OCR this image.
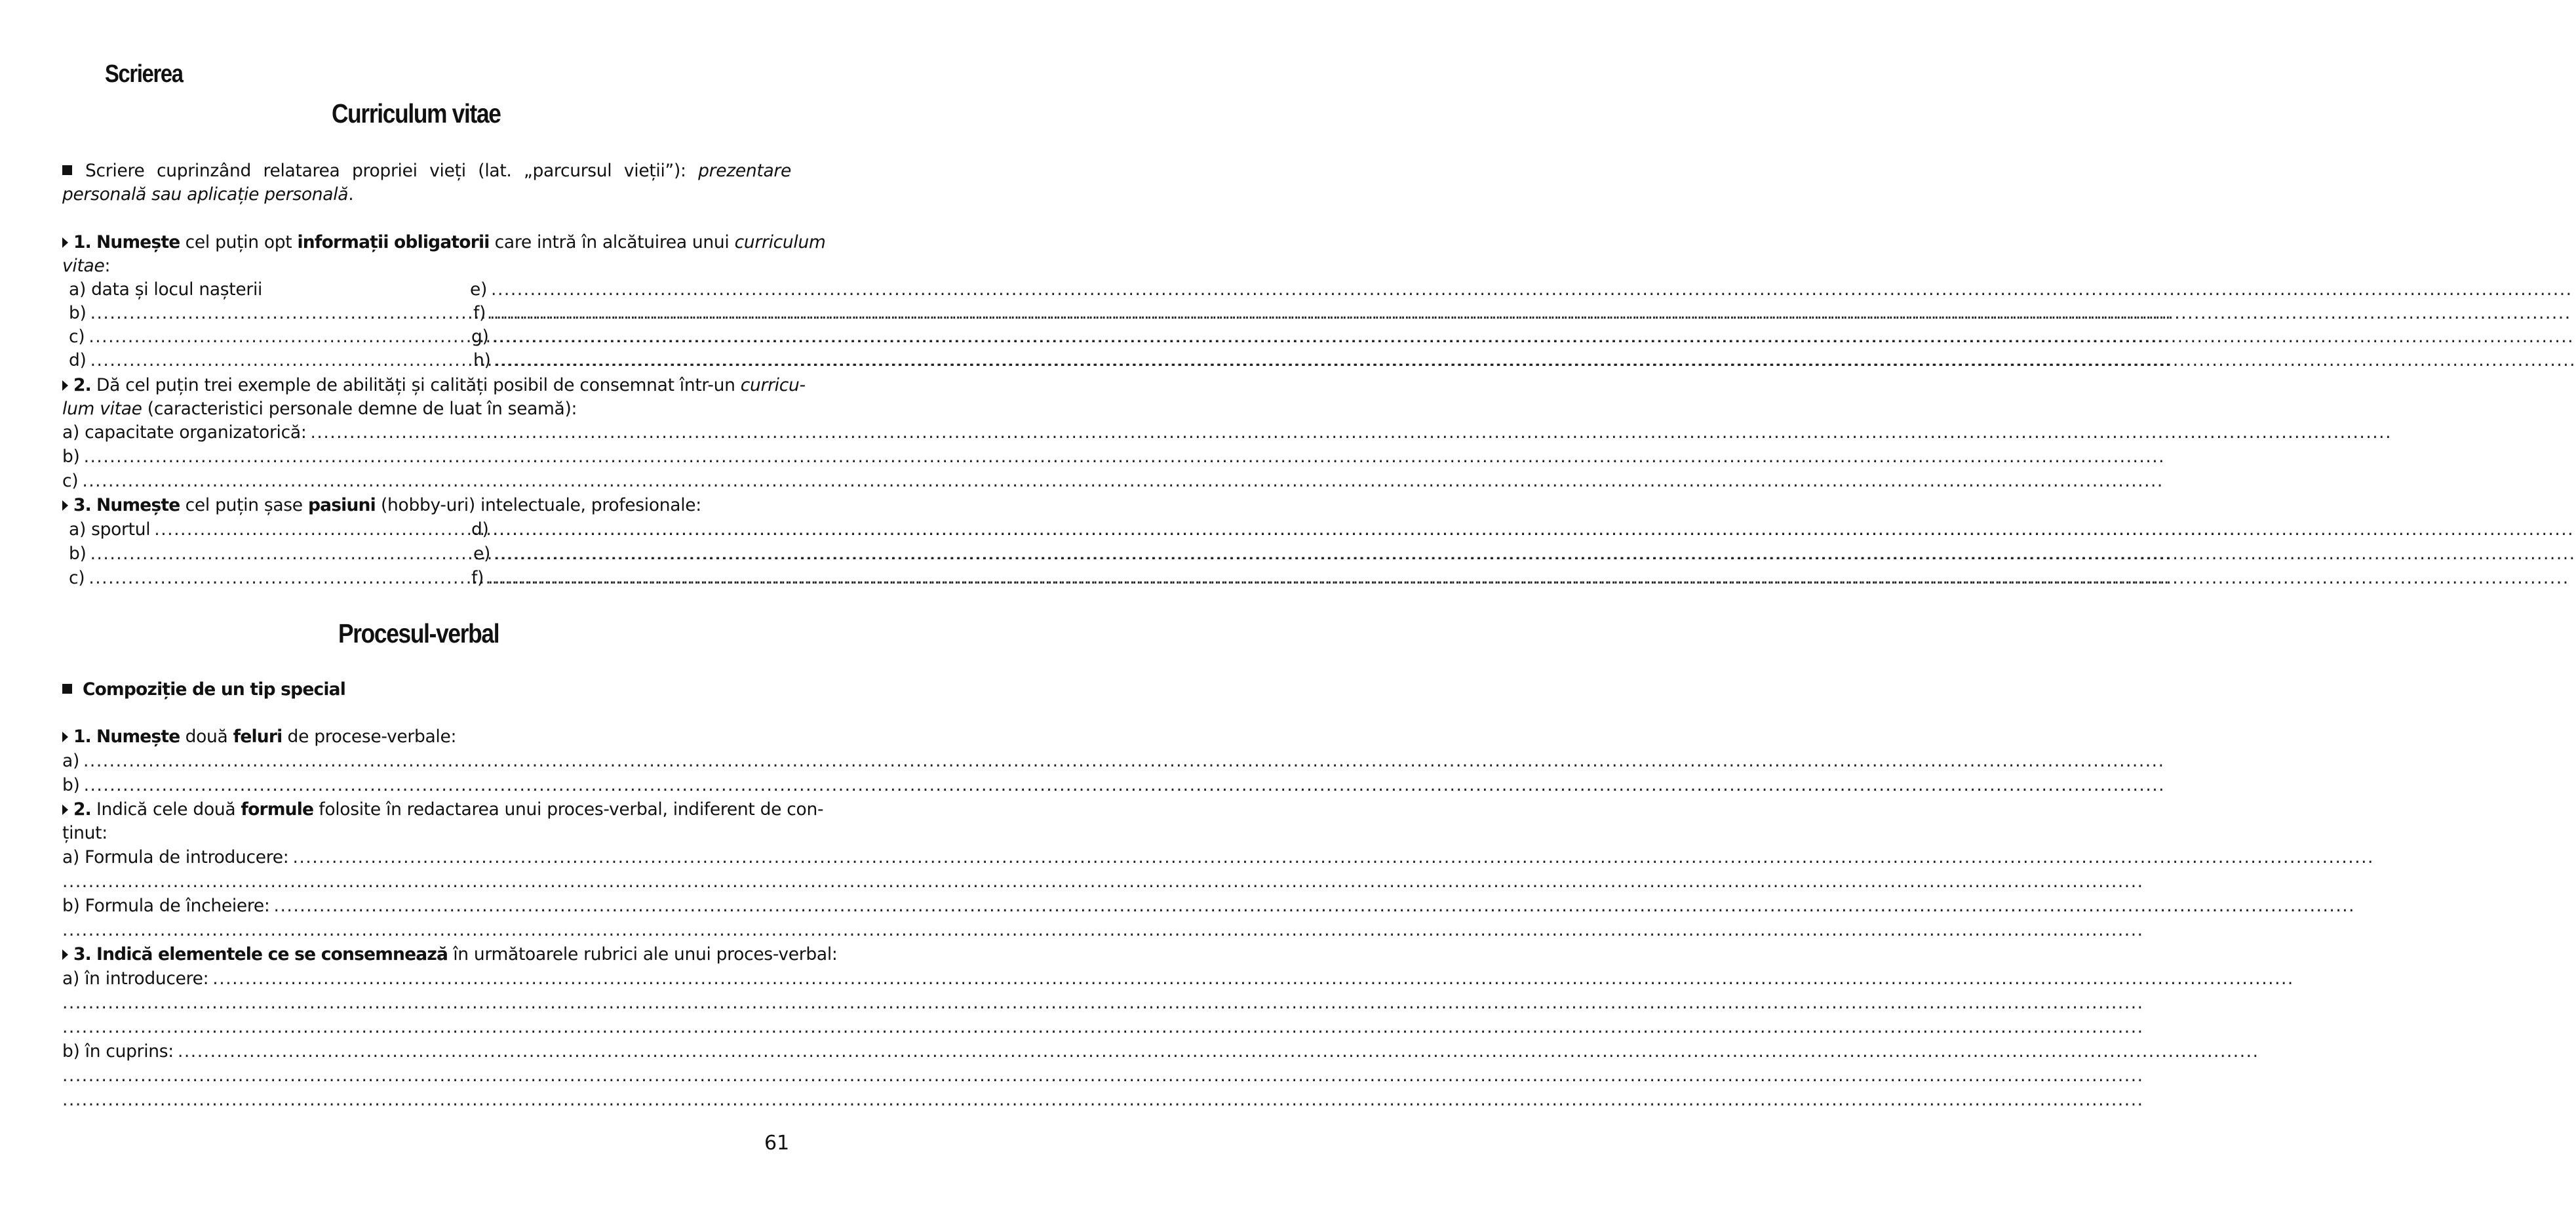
Scrierea
Curriculum vitae
Scriere cuprinzând relatarea propriei vieți (lat. „parcursul vieții”): prezentare
personală sau aplicație personală.
1. Numește cel puțin opt informații obligatorii care intră în alcătuirea unui curriculum
vitae:
a) data și locul nașterii
b)
.....
c)
.....
d)
.....
e)
.....
f)
.....
g)
.....
h)
.....
2. Dă cel puțin trei exemple de abilități și calități posibil de consemnat într-un curricu-
lum vitae (caracteristici personale demne de luat în seamă):
a) capacitate organizatorică:
.....
b)
.....
c)
.....
3. Numește cel puțin șase pasiuni (hobby-uri) intelectuale, profesionale:
a) sportul
.....
b)
.....
c)
.....
d)
.....
e)
.....
f)
.....
Procesul-verbal
Compoziție de un tip special
1. Numește două feluri de procese-verbale:
a)
.....
b)
.....
2. Indică cele două formule folosite în redactarea unui proces-verbal, indiferent de con-
ținut:
a) Formula de introducere:
.....
.....
b) Formula de încheiere:
.....
.....
3. Indică elementele ce se consemnează în următoarele rubrici ale unui proces-verbal:
a) în introducere:
.....
.....
.....
b) în cuprins:
.....
.....
.....
61
